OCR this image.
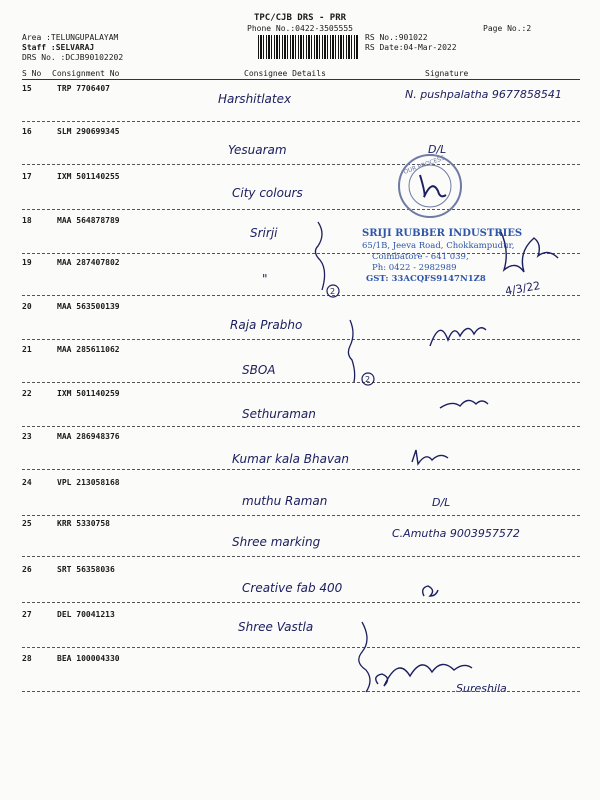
TPC/CJB DRS - PRR
Phone No.:0422-3505555	Page No.:2
Area :TELUNGUPALAYAM
Staff :SELVARAJ
DRS No. :DCJB90102202
RS No.:901022
RS Date:04-Mar-2022
S No Consignment No	Consignee Details	Signature
15	TRP 7706407
Harshitlatex	N. pushpalatha 9677858541
16	SLM 290699345
Yesuaram	D/L
17	IXM 501140255
City colours
18	MAA 564878789
Srirji
19	MAA 287407802
"
20	MAA 563500139
Raja Prabho
21	MAA 285611062
SBOA
22	IXM 501140259
Sethuraman
23	MAA 286948376
Kumar kala Bhavan
24	VPL 213058168
muthu Raman	D/L
25	KRR 5330758
Shree marking
C.Amutha 9003957572
26	SRT 56358036
Creative fab 400
27	DEL 70041213
Shree Vastla
28	BEA 100004330
Sureshila
OUR PROCESS
2
2
SRIJI RUBBER INDUSTRIES
65/1B, Jeeva Road, Chokkampudur,
Coimbatore - 641 039,
Ph: 0422 - 2982989
GST: 33ACQFS9147N1Z8
4/3/22
